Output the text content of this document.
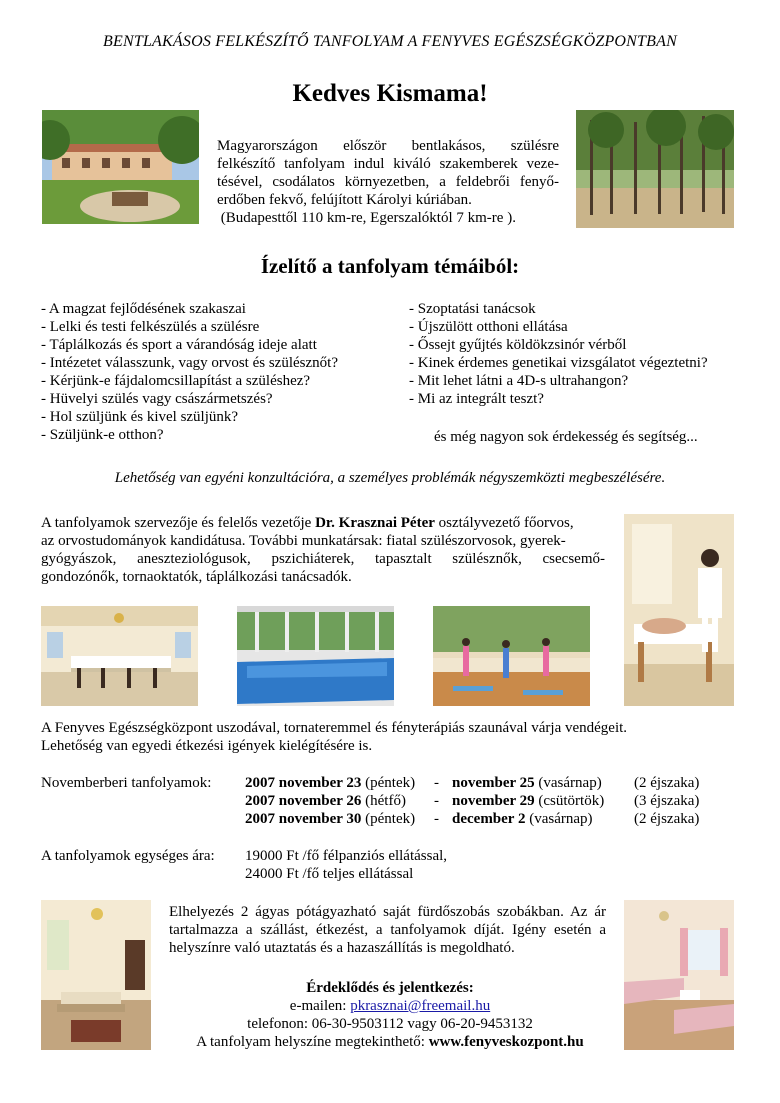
BENTLAKÁSOS FELKÉSZÍTŐ TANFOLYAM A FENYVES EGÉSZSÉGKÖZPONTBAN
Kedves Kismama!
Magyarországon először bentlakásos, szülésre
felkészítő tanfolyam indul kiváló szakemberek veze-
tésével, csodálatos környezetben, a feldebrői fenyő-
erdőben fekvő, felújított Károlyi kúriában.
(Budapesttől 110 km-re, Egerszalóktól 7 km-re ).
Ízelítő a tanfolyam témáiból:
- A magzat fejlődésének szakaszai
- Lelki és testi felkészülés a szülésre
- Táplálkozás és sport a várandóság ideje alatt
- Intézetet válasszunk, vagy orvost és szülésznőt?
- Kérjünk-e fájdalomcsillapítást a szüléshez?
- Hüvelyi szülés vagy császármetszés?
- Hol szüljünk és kivel szüljünk?
- Szüljünk-e otthon?
- Szoptatási tanácsok
- Újszülött otthoni ellátása
- Őssejt gyűjtés köldökzsinór vérből
- Kinek érdemes genetikai vizsgálatot végeztetni?
- Mit lehet látni a 4D-s ultrahangon?
- Mi az integrált teszt?
és még nagyon sok érdekesség és segítség...
Lehetőség van egyéni konzultációra, a személyes problémák négyszemközti megbeszélésére.
A tanfolyamok szervezője és felelős vezetője Dr. Krasznai Péter osztályvezető főorvos,
az orvostudományok kandidátusa. További munkatársak: fiatal szülészorvosok, gyerek-
gyógyászok, aneszteziológusok, pszichiáterek, tapasztalt szülésznők, csecsemő-
gondozónők, tornaoktatók, táplálkozási tanácsadók.
A Fenyves Egészségközpont uszodával, tornateremmel és fényterápiás szaunával várja vendégeit.
Lehetőség van egyedi étkezési igények kielégítésére is.
Novemberberi tanfolyamok: 2007 november 23 (péntek) - november 25 (vasárnap) (2 éjszaka)
2007 november 26 (hétfő) - november 29 (csütörtök) (3 éjszaka)
2007 november 30 (péntek) - december 2 (vasárnap)	(2 éjszaka)
A tanfolyamok egységes ára: 19000 Ft /fő félpanziós ellátással,
24000 Ft /fő teljes ellátással
Elhelyezés 2 ágyas pótágyazható saját fürdőszobás szobákban. Az ár
tartalmazza a szállást, étkezést, a tanfolyamok díját. Igény esetén a
helyszínre való utaztatás és a hazaszállítás is megoldható.
Érdeklődés és jelentkezés:
e-mailen: pkrasznai@freemail.hu
telefonon: 06-30-9503112 vagy 06-20-9453132
A tanfolyam helyszíne megtekinthető: www.fenyveskozpont.hu
